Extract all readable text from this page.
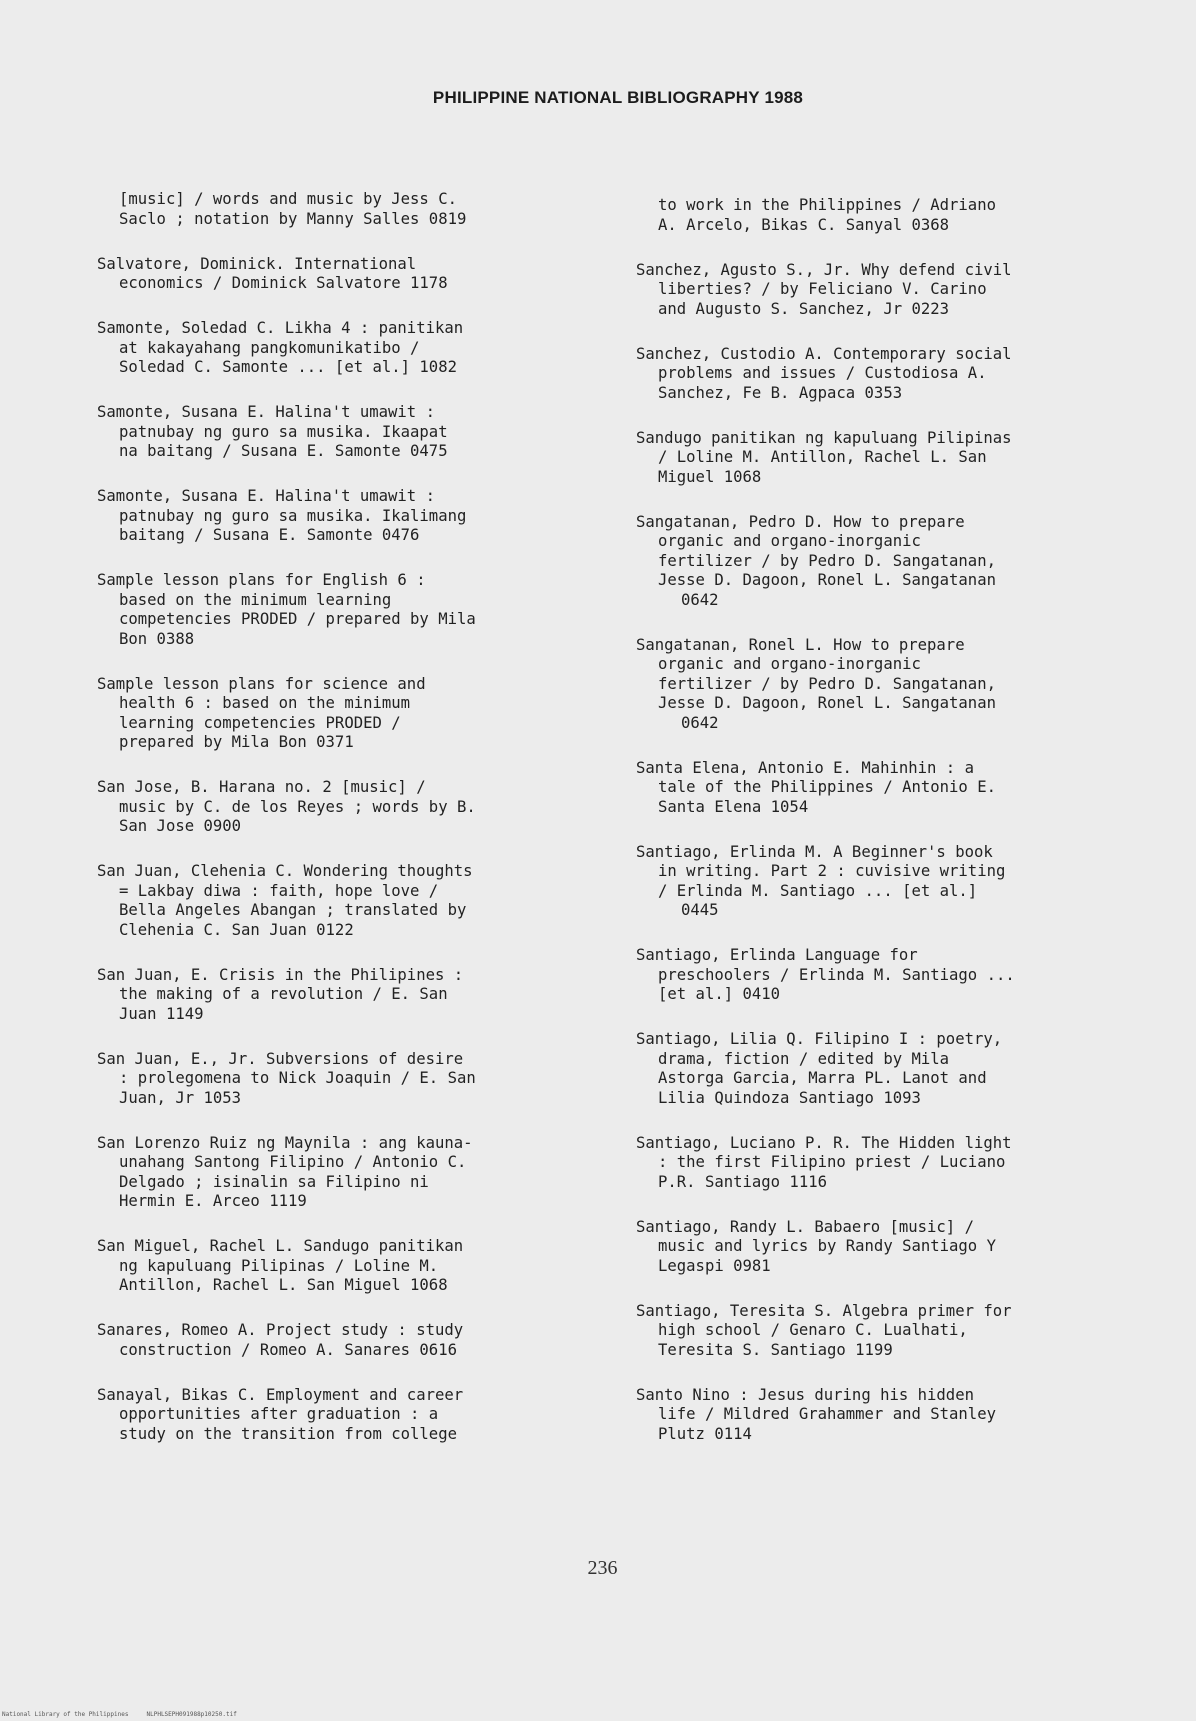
PHILIPPINE NATIONAL BIBLIOGRAPHY 1988
[music] / words and music by Jess C.
Saclo ; notation by Manny Salles 0819
Salvatore, Dominick. International
economics / Dominick Salvatore 1178
Samonte, Soledad C. Likha 4 : panitikan
at kakayahang pangkomunikatibo /
Soledad C. Samonte ... [et al.] 1082
Samonte, Susana E. Halina't umawit :
patnubay ng guro sa musika. Ikaapat
na baitang / Susana E. Samonte 0475
Samonte, Susana E. Halina't umawit :
patnubay ng guro sa musika. Ikalimang
baitang / Susana E. Samonte 0476
Sample lesson plans for English 6 :
based on the minimum learning
competencies PRODED / prepared by Mila
Bon 0388
Sample lesson plans for science and
health 6 : based on the minimum
learning competencies PRODED /
prepared by Mila Bon 0371
San Jose, B. Harana no. 2 [music] /
music by C. de los Reyes ; words by B.
San Jose 0900
San Juan, Clehenia C. Wondering thoughts
= Lakbay diwa : faith, hope love /
Bella Angeles Abangan ; translated by
Clehenia C. San Juan 0122
San Juan, E. Crisis in the Philipines :
the making of a revolution / E. San
Juan 1149
San Juan, E., Jr. Subversions of desire
: prolegomena to Nick Joaquin / E. San
Juan, Jr 1053
San Lorenzo Ruiz ng Maynila : ang kauna-
unahang Santong Filipino / Antonio C.
Delgado ; isinalin sa Filipino ni
Hermin E. Arceo 1119
San Miguel, Rachel L. Sandugo panitikan
ng kapuluang Pilipinas / Loline M.
Antillon, Rachel L. San Miguel 1068
Sanares, Romeo A. Project study : study
construction / Romeo A. Sanares 0616
Sanayal, Bikas C. Employment and career
opportunities after graduation : a
study on the transition from college
to work in the Philippines / Adriano
A. Arcelo, Bikas C. Sanyal 0368
Sanchez, Agusto S., Jr. Why defend civil
liberties? / by Feliciano V. Carino
and Augusto S. Sanchez, Jr 0223
Sanchez, Custodio A. Contemporary social
problems and issues / Custodiosa A.
Sanchez, Fe B. Agpaca 0353
Sandugo panitikan ng kapuluang Pilipinas
/ Loline M. Antillon, Rachel L. San
Miguel 1068
Sangatanan, Pedro D. How to prepare
organic and organo-inorganic
fertilizer / by Pedro D. Sangatanan,
Jesse D. Dagoon, Ronel L. Sangatanan
0642
Sangatanan, Ronel L. How to prepare
organic and organo-inorganic
fertilizer / by Pedro D. Sangatanan,
Jesse D. Dagoon, Ronel L. Sangatanan
0642
Santa Elena, Antonio E. Mahinhin : a
tale of the Philippines / Antonio E.
Santa Elena 1054
Santiago, Erlinda M. A Beginner's book
in writing. Part 2 : cuvisive writing
/ Erlinda M. Santiago ... [et al.]
0445
Santiago, Erlinda Language for
preschoolers / Erlinda M. Santiago ...
[et al.] 0410
Santiago, Lilia Q. Filipino I : poetry,
drama, fiction / edited by Mila
Astorga Garcia, Marra PL. Lanot and
Lilia Quindoza Santiago 1093
Santiago, Luciano P. R. The Hidden light
: the first Filipino priest / Luciano
P.R. Santiago 1116
Santiago, Randy L. Babaero [music] /
music and lyrics by Randy Santiago Y
Legaspi 0981
Santiago, Teresita S. Algebra primer for
high school / Genaro C. Lualhati,
Teresita S. Santiago 1199
Santo Nino : Jesus during his hidden
life / Mildred Grahammer and Stanley
Plutz 0114
236
National Library of the Philippines     NLPHLSEPH091988p10250.tif
